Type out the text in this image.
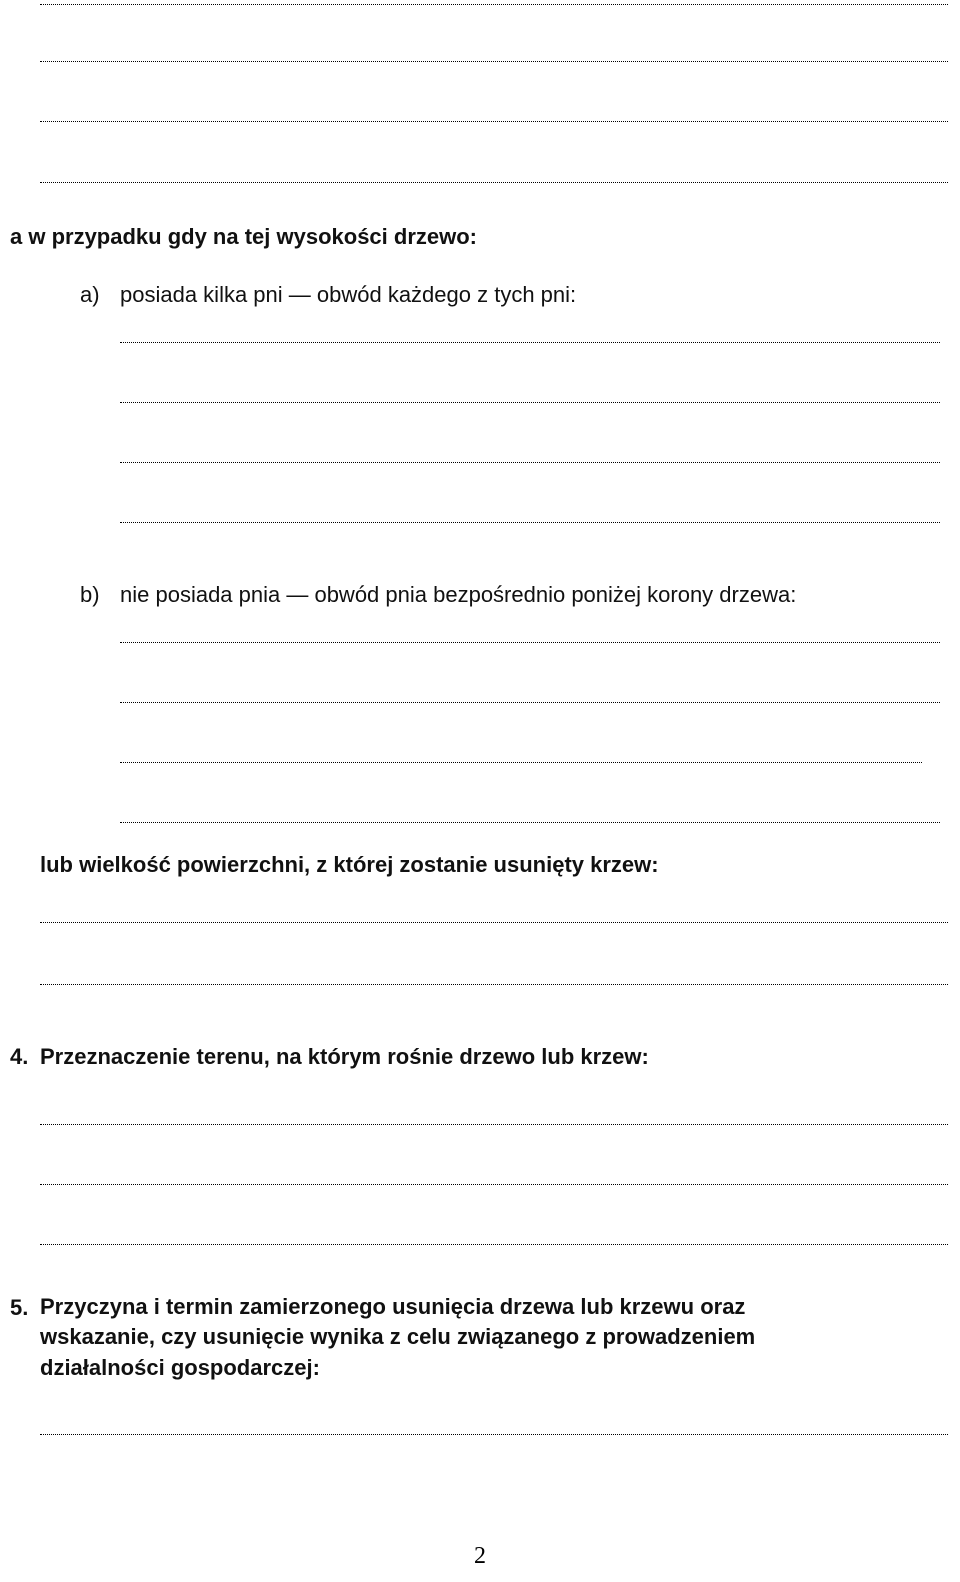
a w przypadku gdy na tej wysokości drzewo:
a) posiada kilka pni — obwód każdego z tych pni:
b) nie posiada pnia — obwód pnia bezpośrednio poniżej korony drzewa:
lub wielkość powierzchni, z której zostanie usunięty krzew:
4. Przeznaczenie terenu, na którym rośnie drzewo lub krzew:
5. Przyczyna i termin zamierzonego usunięcia drzewa lub krzewu oraz
wskazanie, czy usunięcie wynika z celu związanego z prowadzeniem
działalności gospodarczej:
2
